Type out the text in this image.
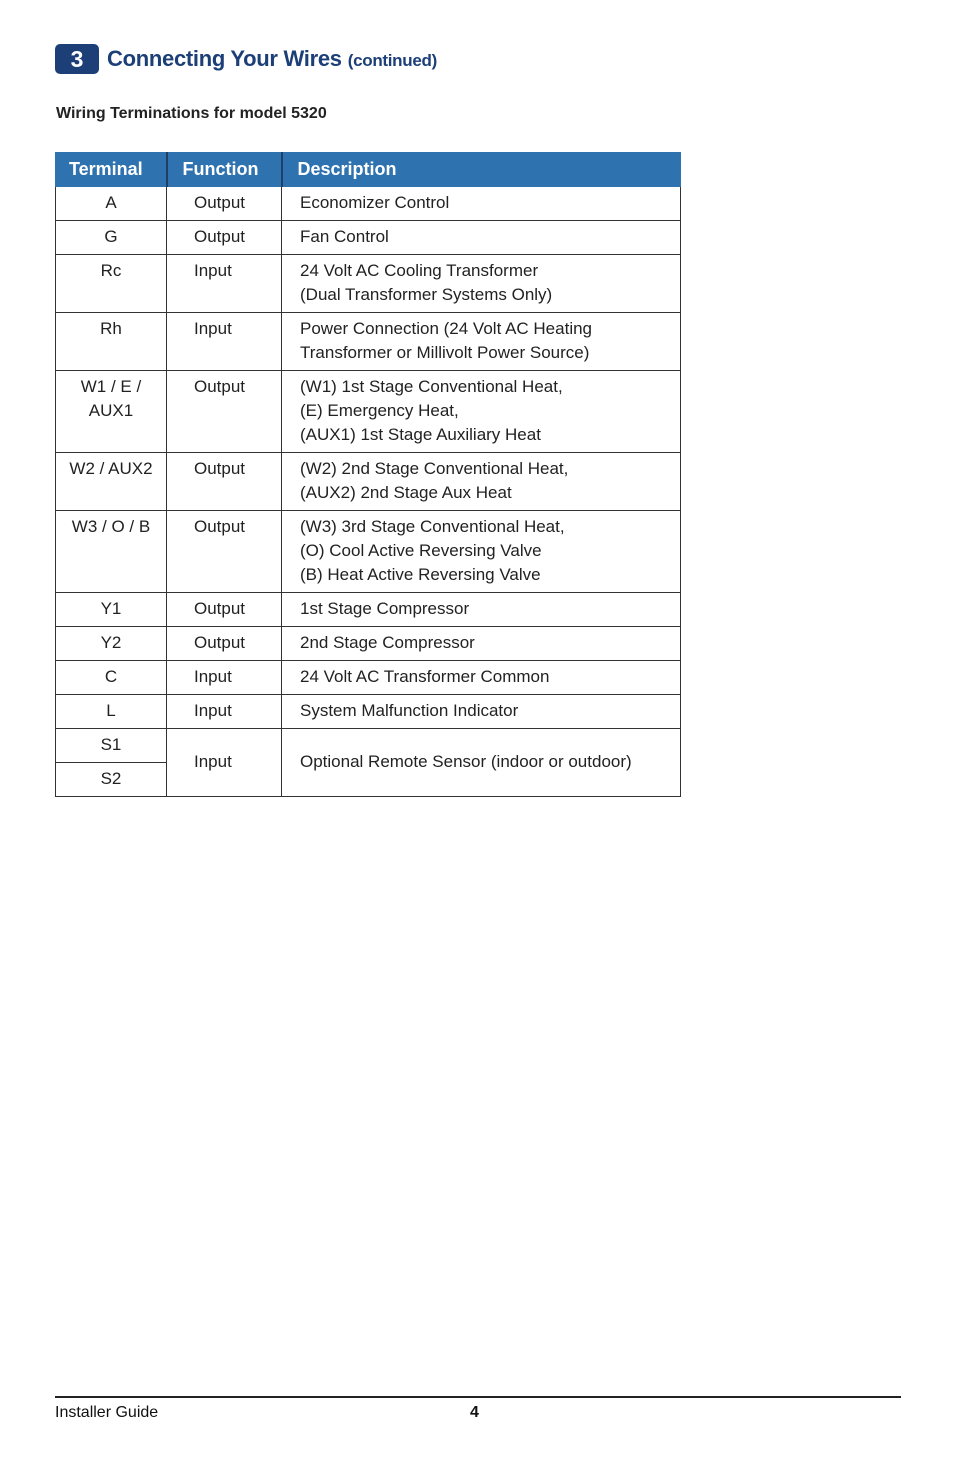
3	Connecting Your Wires (continued)
Wiring Terminations for model 5320
Terminal	Function	Description
A	Output	Economizer Control
G	Output	Fan Control
Rc	Input	24 Volt AC Cooling Transformer
(Dual Transformer Systems Only)
Rh	Input	Power Connection (24 Volt AC Heating
Transformer or Millivolt Power Source)
W1 / E /
AUX1	Output	(W1) 1st Stage Conventional Heat,
(E) Emergency Heat,
(AUX1) 1st Stage Auxiliary Heat
W2 / AUX2	Output	(W2) 2nd Stage Conventional Heat,
(AUX2) 2nd Stage Aux Heat
W3 / O / B	Output	(W3) 3rd Stage Conventional Heat,
(O) Cool Active Reversing Valve
(B) Heat Active Reversing Valve
Y1	Output	1st Stage Compressor
Y2	Output	2nd Stage Compressor
C	Input	24 Volt AC Transformer Common
L	Input	System Malfunction Indicator
S1	Input	Optional Remote Sensor (indoor or outdoor)
S2		
Installer Guide	4
